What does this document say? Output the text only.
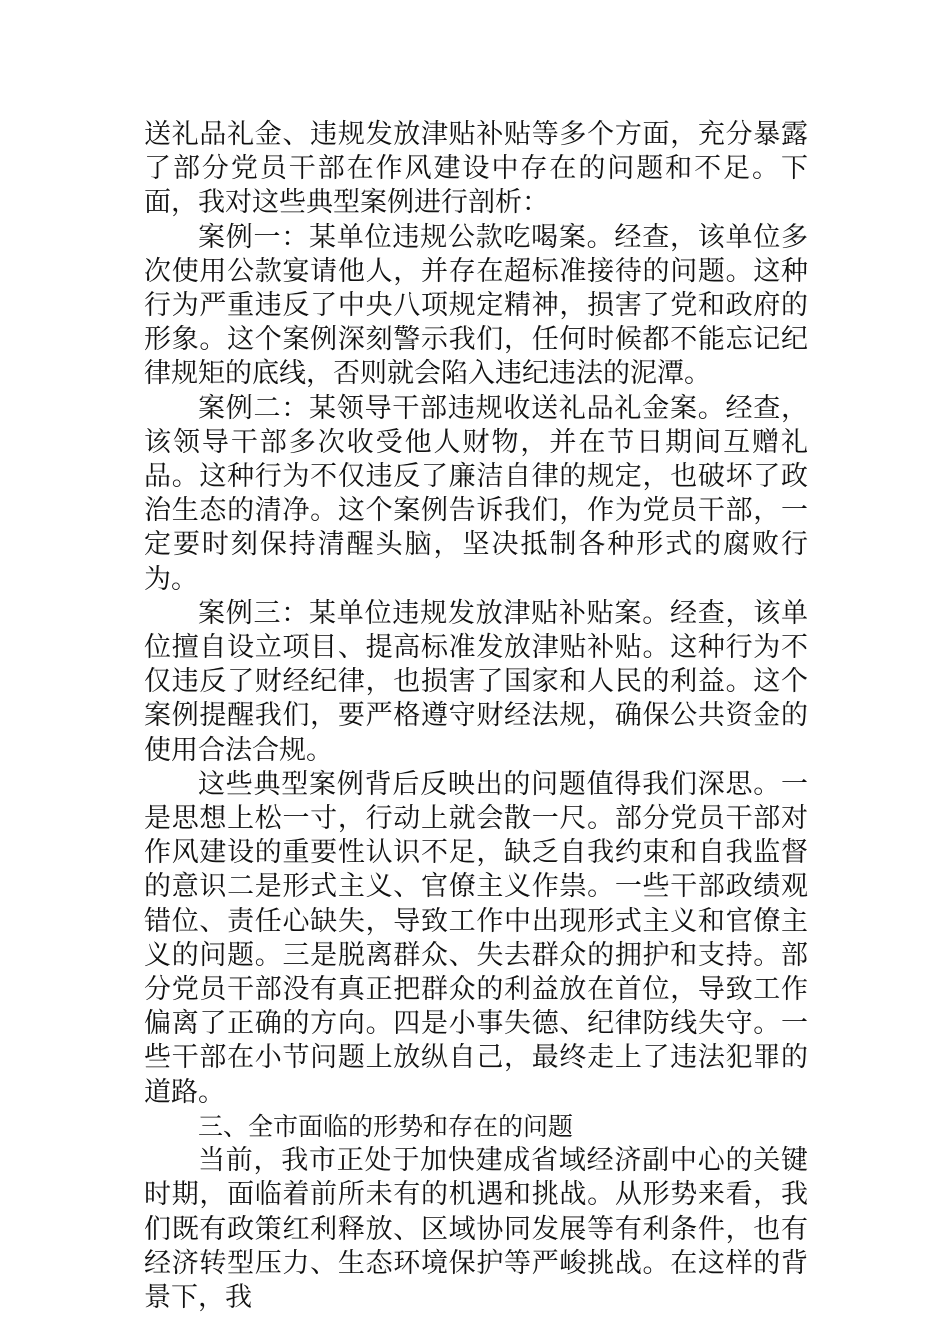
送礼品礼金、违规发放津贴补贴等多个方面，充分暴露了部分党员干部在作风建设中存在的问题和不足。下面，我对这些典型案例进行剖析：

案例一：某单位违规公款吃喝案。经查，该单位多次使用公款宴请他人，并存在超标准接待的问题。这种行为严重违反了中央八项规定精神，损害了党和政府的形象。这个案例深刻警示我们，任何时候都不能忘记纪律规矩的底线，否则就会陷入违纪违法的泥潭。

案例二：某领导干部违规收送礼品礼金案。经查，该领导干部多次收受他人财物，并在节日期间互赠礼品。这种行为不仅违反了廉洁自律的规定，也破坏了政治生态的清净。这个案例告诉我们，作为党员干部，一定要时刻保持清醒头脑，坚决抵制各种形式的腐败行为。

案例三：某单位违规发放津贴补贴案。经查，该单位擅自设立项目、提高标准发放津贴补贴。这种行为不仅违反了财经纪律，也损害了国家和人民的利益。这个案例提醒我们，要严格遵守财经法规，确保公共资金的使用合法合规。

这些典型案例背后反映出的问题值得我们深思。一是思想上松一寸，行动上就会散一尺。部分党员干部对作风建设的重要性认识不足，缺乏自我约束和自我监督的意识二是形式主义、官僚主义作祟。一些干部政绩观错位、责任心缺失，导致工作中出现形式主义和官僚主义的问题。三是脱离群众、失去群众的拥护和支持。部分党员干部没有真正把群众的利益放在首位，导致工作偏离了正确的方向。四是小事失德、纪律防线失守。一些干部在小节问题上放纵自己，最终走上了违法犯罪的道路。

三、全市面临的形势和存在的问题

当前，我市正处于加快建成省域经济副中心的关键时期，面临着前所未有的机遇和挑战。从形势来看，我们既有政策红利释放、区域协同发展等有利条件，也有经济转型压力、生态环境保护等严峻挑战。在这样的背景下，我
